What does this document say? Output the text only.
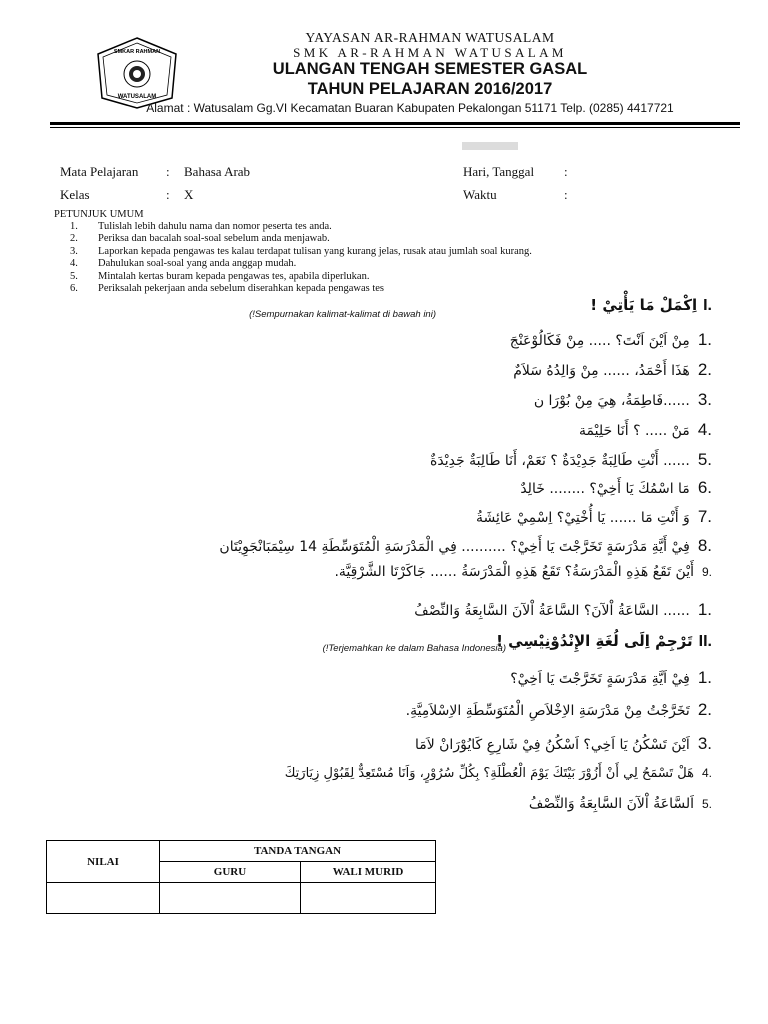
SMKAR RAHMAN
WATUSALAM
YAYASAN AR-RAHMAN WATUSALAM
SMK AR-RAHMAN WATUSALAM
ULANGAN TENGAH SEMESTER GASAL
TAHUN PELAJARAN 2016/2017
Alamat : Watusalam Gg.VI Kecamatan Buaran Kabupaten Pekalongan 51171 Telp. (0285) 4417721
Mata Pelajaran : Bahasa Arab
Kelas	: X
Hari, Tanggal :
Waktu	:
PETUNJUK UMUM
1.	Tulislah lebih dahulu nama dan nomor peserta tes anda.
2.	Periksa dan bacalah soal-soal sebelum anda menjawab.
3.	Laporkan kepada pengawas tes kalau terdapat tulisan yang kurang jelas, rusak atau jumlah soal kurang.
4.	Dahulukan soal-soal yang anda anggap mudah.
5.	Mintalah kertas buram kepada pengawas tes, apabila diperlukan.
6.	Periksalah pekerjaan anda sebelum diserahkan kepada pengawas tes
I.
اِكْمَلْ مَا يَأْتِيْ !
(!Sempurnakan kalimat-kalimat di bawah ini)
1.
مِنْ اَيْنَ اَنْتَ؟ ..... مِنْ فَكَالُوْعَنْجَ
2.
هَذَا أَحْمَدُ، ...... مِنْ وَالِدُهُ سَلاَمٌ
3.
......فَاطِمَةُ، هِيَ مِنْ بُوْرَا ن
4.
مَنْ ..... ؟ أَنَا حَلِيْمَة
5.
...... أَنْتِ طَالِبَةٌ جَدِيْدَةٌ ؟ نَعَمْ، أَنَا طَالِبَةٌ جَدِيْدَةٌ
6.
مَا اسْمُكَ يَا أَخِيْ؟ ........ خَالِدٌ
7.
وَ أَنْتِ مَا ...... يَا أُخْتِيْ؟ اِسْمِيْ عَائِشَةُ
8.
فِيْ أَيَّةِ مَدْرَسَةٍ تَخَرَّجْتَ يَا أَخِيْ؟ .......... فِي الْمَدْرَسَةِ الْمُتَوَسِّطَةِ 14 سِيْمَبَانْجَوِيْتَان
9.
أَيْنَ تَقَعُ هَذِهِ الْمَدْرَسَةُ؟ تَقَعُ هَذِهِ الْمَدْرَسَةُ ...... جَاكَرْتَا الشَّرْقِيَّة.
1.
...... السَّاعَةُ اْلآنَ؟ السَّاعَةُ اْلآنَ السَّابِعَةُ وَالنِّصْفُ
II.
تَرْجِمْ اِلَى لُغَةِ الإِنْدُوْنِيْسِي !
(!Terjemahkan ke dalam Bahasa Indonesia)
1.
فِيْ اَيَّةِ مَدْرَسَةٍ تَخَرَّجْتَ يَا اَخِيْ؟
2.
تَخَرَّجْتُ مِنْ مَدْرَسَةِ الاِخْلاَصِ الْمُتَوَسِّطَةِ الاِسْلاَمِيَّةِ.
3.
اَيْنَ تَسْكُنُ يَا اَخِي؟ اَسْكُنُ فِيْ شَارِعِ كَايُوْرَانْ لاَمَا
4.
هَلْ تَسْمَحُ لِي أَنْ أَزُوْرَ بَيْتَكَ يَوْمَ الْعُطْلَةِ؟ بِكُلِّ سُرُوْرٍ، وَاَنَا مُسْتَعِدٌّ لِقَبُوْلِ زِيَارَتِكَ
5.
اَلسَّاعَةُ اْلآنَ السَّابِعَةُ وَالنِّصْفُ
NILAI	TANDA TANGAN	
	GURU	WALI MURID
